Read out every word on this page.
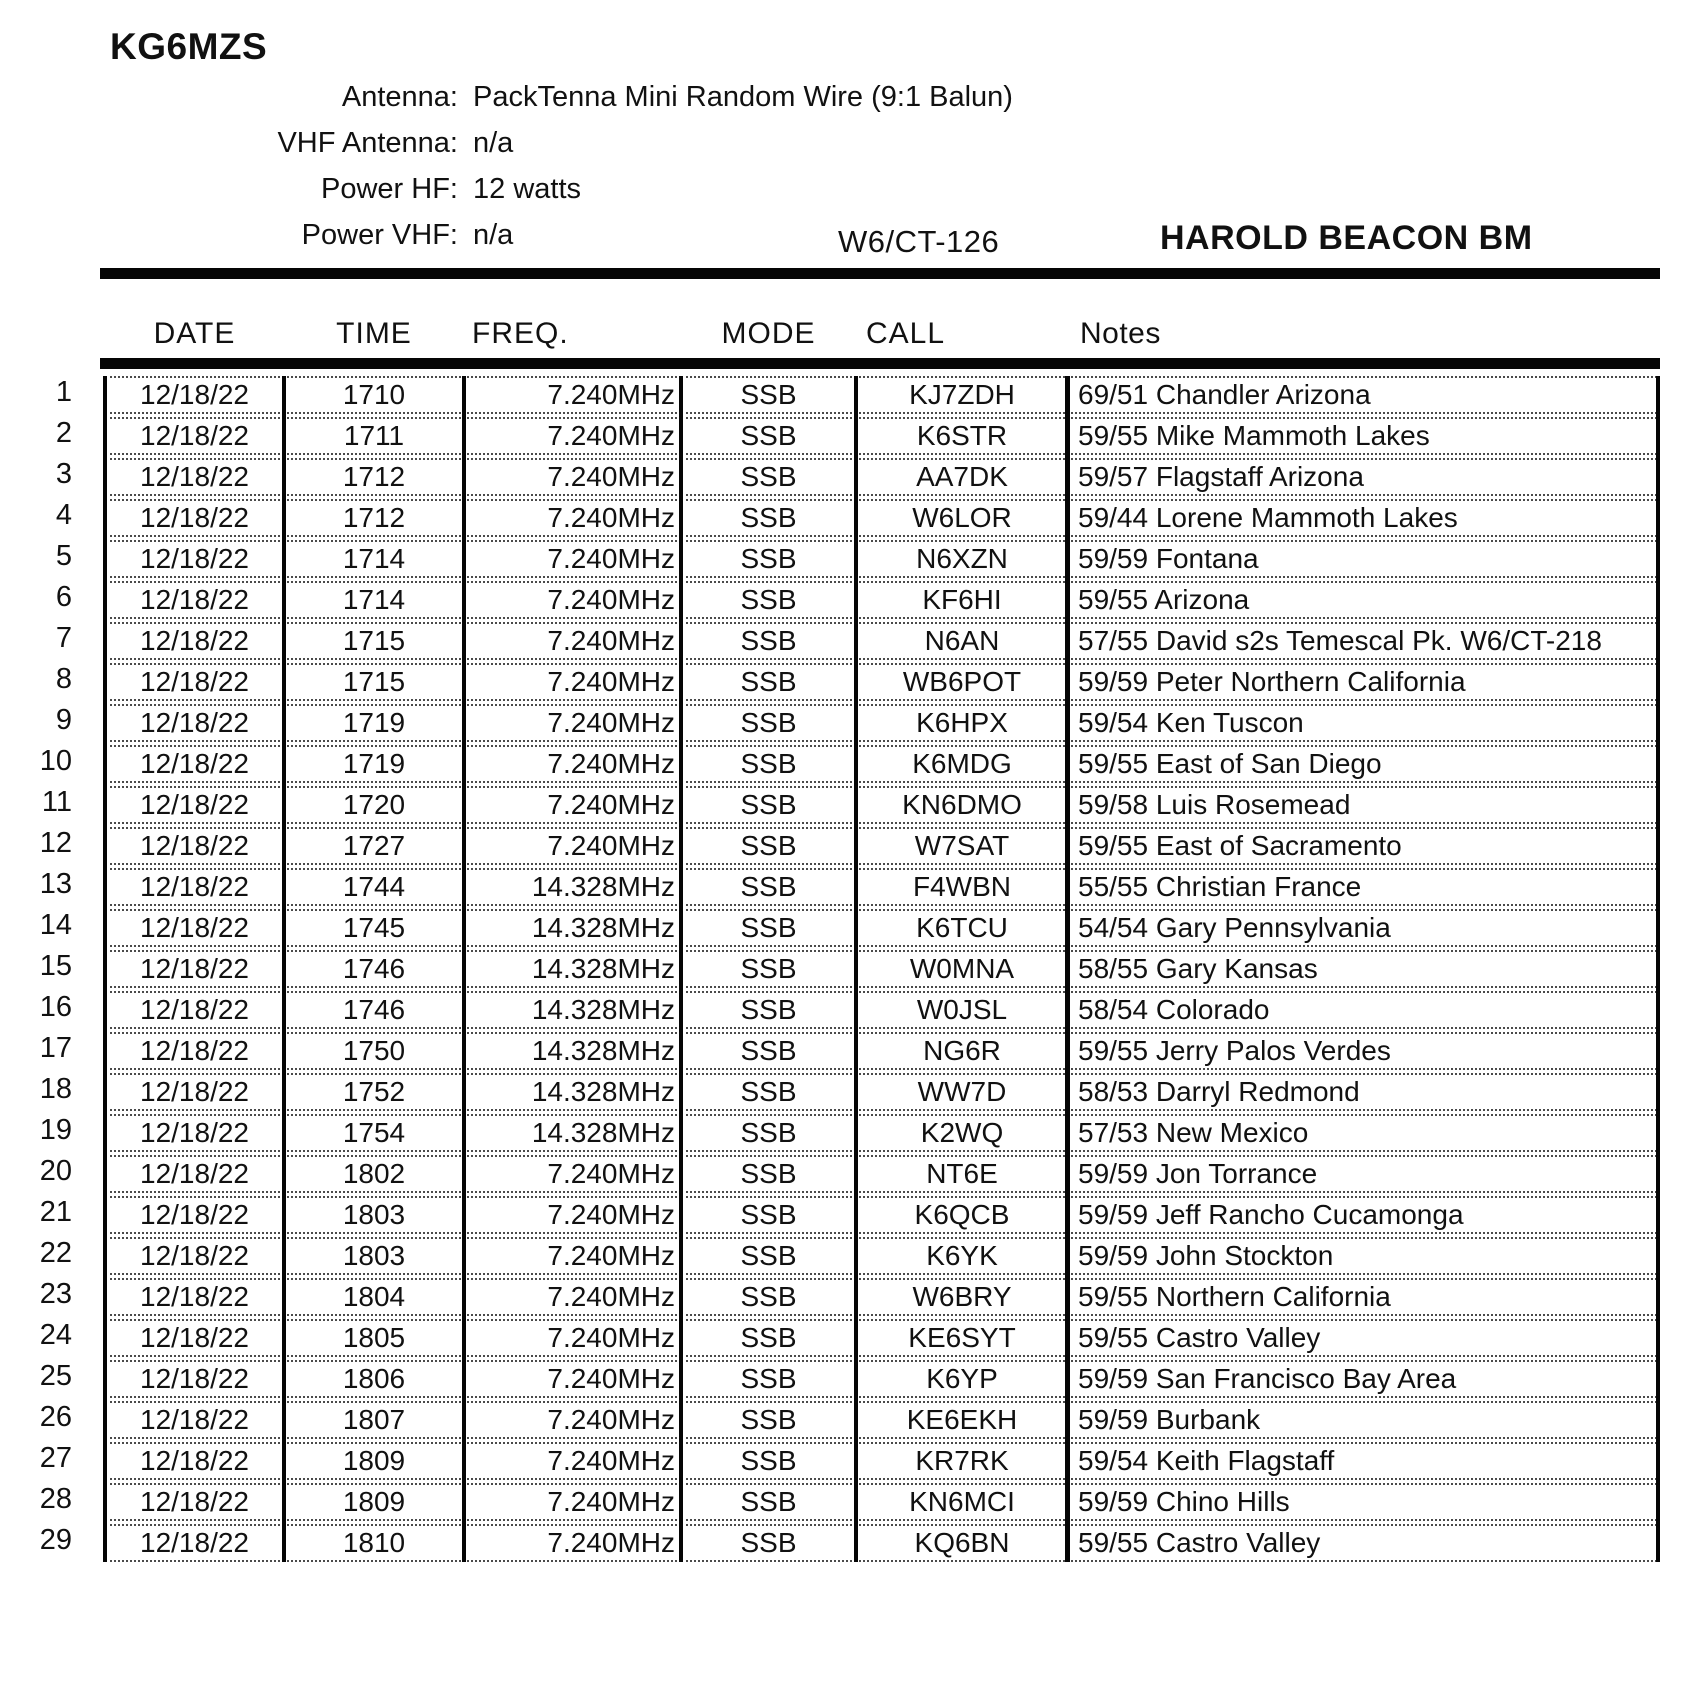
KG6MZS
Antenna: PackTenna Mini Random Wire (9:1 Balun)
VHF Antenna: n/a
Power HF: 12 watts
Power VHF: n/a	W6/CT-126	HAROLD BEACON BM
DATE	TIME	FREQ.	MODE	CALL	Notes
1	12/18/22	1710	7.240MHz	SSB	KJ7ZDH	69/51 Chandler Arizona
2	12/18/22	1711	7.240MHz	SSB	K6STR	59/55 Mike Mammoth Lakes
3	12/18/22	1712	7.240MHz	SSB	AA7DK	59/57 Flagstaff Arizona
4	12/18/22	1712	7.240MHz	SSB	W6LOR	59/44 Lorene Mammoth Lakes
5	12/18/22	1714	7.240MHz	SSB	N6XZN	59/59 Fontana
6	12/18/22	1714	7.240MHz	SSB	KF6HI	59/55 Arizona
7	12/18/22	1715	7.240MHz	SSB	N6AN	57/55 David s2s Temescal Pk. W6/CT-218
8	12/18/22	1715	7.240MHz	SSB	WB6POT	59/59 Peter Northern California
9	12/18/22	1719	7.240MHz	SSB	K6HPX	59/54 Ken Tuscon
10	12/18/22	1719	7.240MHz	SSB	K6MDG	59/55 East of San Diego
11	12/18/22	1720	7.240MHz	SSB	KN6DMO	59/58 Luis Rosemead
12	12/18/22	1727	7.240MHz	SSB	W7SAT	59/55 East of Sacramento
13	12/18/22	1744	14.328MHz	SSB	F4WBN	55/55 Christian France
14	12/18/22	1745	14.328MHz	SSB	K6TCU	54/54 Gary Pennsylvania
15	12/18/22	1746	14.328MHz	SSB	W0MNA	58/55 Gary Kansas
16	12/18/22	1746	14.328MHz	SSB	W0JSL	58/54 Colorado
17	12/18/22	1750	14.328MHz	SSB	NG6R	59/55 Jerry Palos Verdes
18	12/18/22	1752	14.328MHz	SSB	WW7D	58/53 Darryl Redmond
19	12/18/22	1754	14.328MHz	SSB	K2WQ	57/53 New Mexico
20	12/18/22	1802	7.240MHz	SSB	NT6E	59/59 Jon Torrance
21	12/18/22	1803	7.240MHz	SSB	K6QCB	59/59 Jeff Rancho Cucamonga
22	12/18/22	1803	7.240MHz	SSB	K6YK	59/59 John Stockton
23	12/18/22	1804	7.240MHz	SSB	W6BRY	59/55 Northern California
24	12/18/22	1805	7.240MHz	SSB	KE6SYT	59/55 Castro Valley
25	12/18/22	1806	7.240MHz	SSB	K6YP	59/59 San Francisco Bay Area
26	12/18/22	1807	7.240MHz	SSB	KE6EKH	59/59 Burbank
27	12/18/22	1809	7.240MHz	SSB	KR7RK	59/54 Keith Flagstaff
28	12/18/22	1809	7.240MHz	SSB	KN6MCI	59/59 Chino Hills
29	12/18/22	1810	7.240MHz	SSB	KQ6BN	59/55 Castro Valley
